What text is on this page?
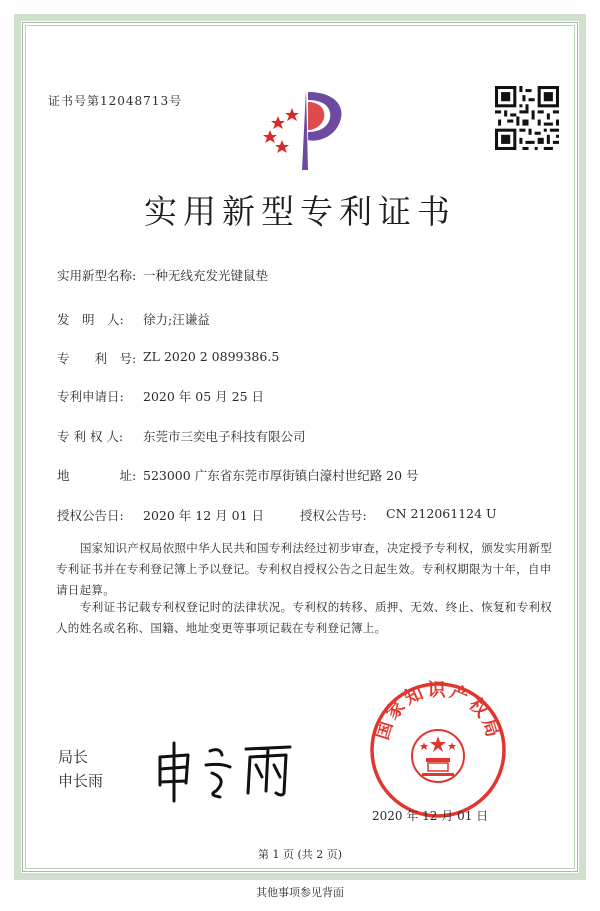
证书号第12048713号
实用新型专利证书
实用新型名称: 一种无线充发光键鼠垫
发　明　人: 徐力;汪谦益
专　　利　号: ZL 2020 2 0899386.5
专利申请日: 2020 年 05 月 25 日
专 利 权 人: 东莞市三奕电子科技有限公司
地　　　　址: 523000 广东省东莞市厚街镇白濠村世纪路 20 号
授权公告日: 2020 年 12 月 01 日	授权公告号: CN 212061124 U
国家知识产权局依照中华人民共和国专利法经过初步审查，决定授予专利权，颁发实用新型专利证书并在专利登记簿上予以登记。专利权自授权公告之日起生效。专利权期限为十年，自申请日起算。
专利证书记载专利权登记时的法律状况。专利权的转移、质押、无效、终止、恢复和专利权人的姓名或名称、国籍、地址变更等事项记载在专利登记簿上。
国家知识产权局
2020 年 12 月 01 日
局长
申长雨
第 1 页 (共 2 页)
其他事项参见背面
